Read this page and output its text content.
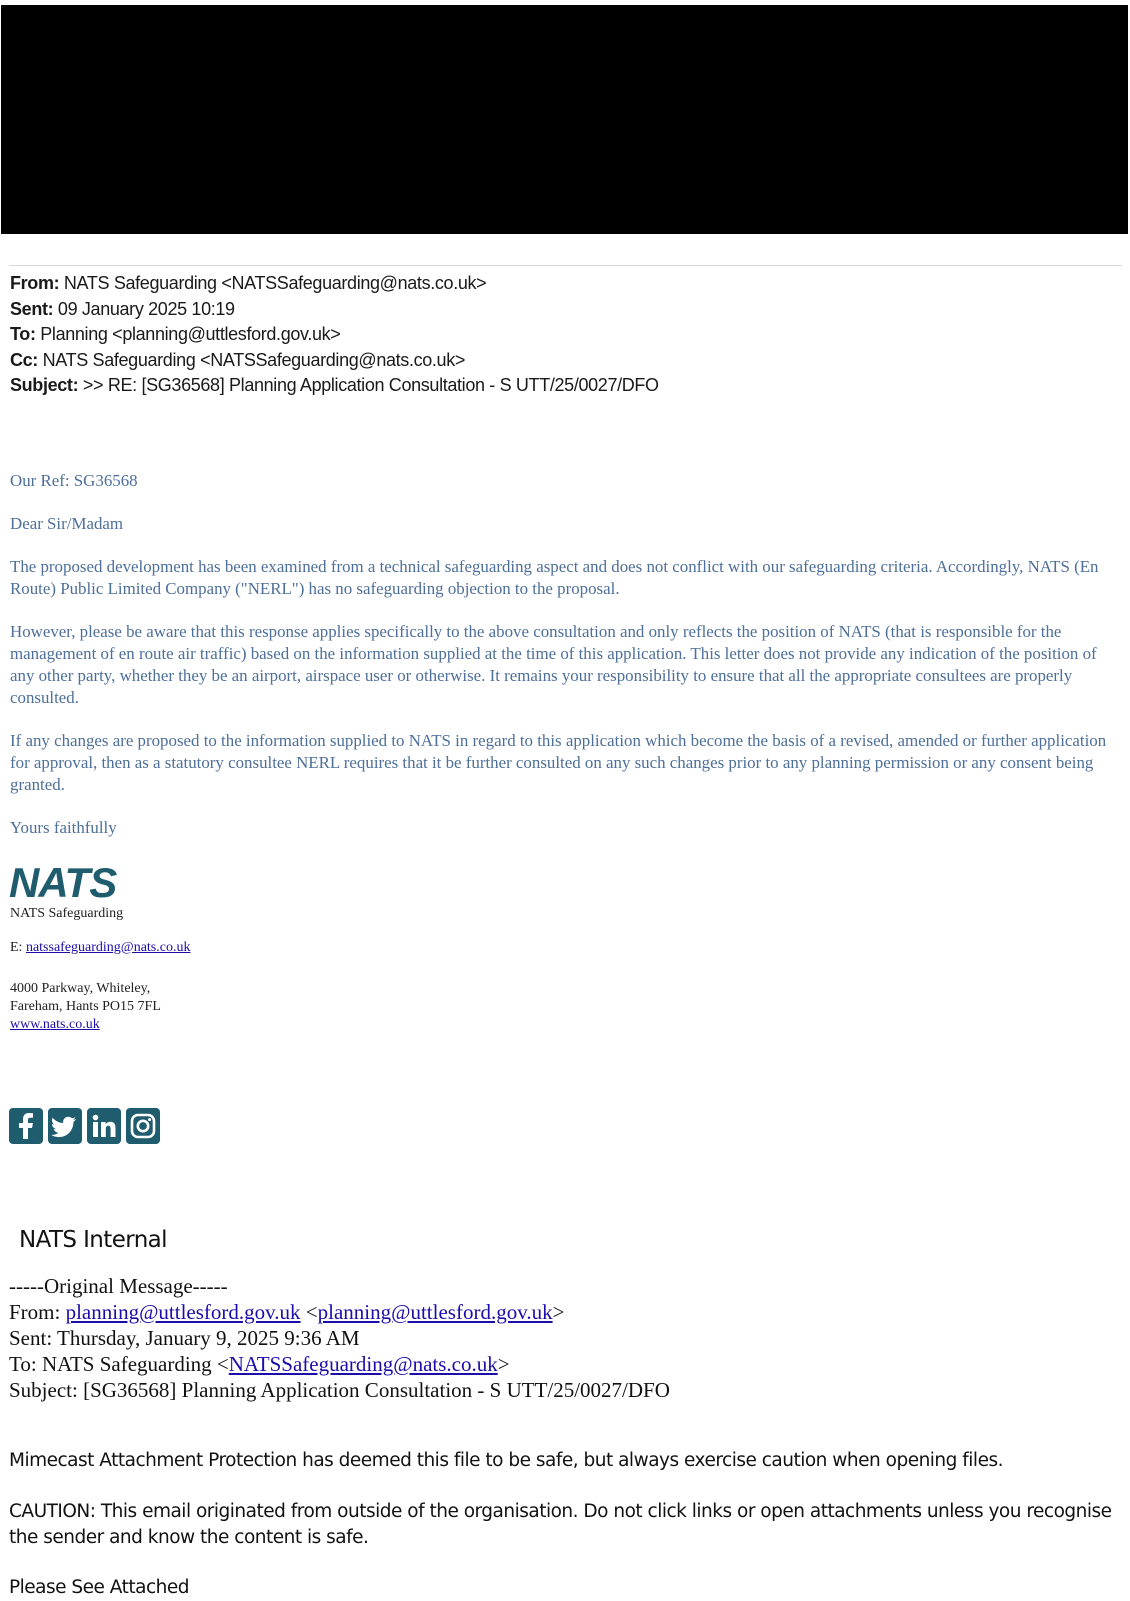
From: NATS Safeguarding <NATSSafeguarding@nats.co.uk>
Sent: 09 January 2025 10:19
To: Planning <planning@uttlesford.gov.uk>
Cc: NATS Safeguarding <NATSSafeguarding@nats.co.uk>
Subject: >> RE: [SG36568] Planning Application Consultation - S UTT/25/0027/DFO

Our Ref: SG36568

Dear Sir/Madam

The proposed development has been examined from a technical safeguarding aspect and does not conflict with our safeguarding criteria. Accordingly, NATS (En Route) Public Limited Company ("NERL") has no safeguarding objection to the proposal.

However, please be aware that this response applies specifically to the above consultation and only reflects the position of NATS (that is responsible for the management of en route air traffic) based on the information supplied at the time of this application. This letter does not provide any indication of the position of any other party, whether they be an airport, airspace user or otherwise. It remains your responsibility to ensure that all the appropriate consultees are properly consulted.

If any changes are proposed to the information supplied to NATS in regard to this application which become the basis of a revised, amended or further application for approval, then as a statutory consultee NERL requires that it be further consulted on any such changes prior to any planning permission or any consent being granted.

Yours faithfully

NATS
NATS Safeguarding
E: natssafeguarding@nats.co.uk
4000 Parkway, Whiteley,
Fareham, Hants PO15 7FL
www.nats.co.uk
NATS Internal
-----Original Message-----
From: planning@uttlesford.gov.uk <planning@uttlesford.gov.uk>
Sent: Thursday, January 9, 2025 9:36 AM
To: NATS Safeguarding <NATSSafeguarding@nats.co.uk>
Subject: [SG36568] Planning Application Consultation - S UTT/25/0027/DFO
Mimecast Attachment Protection has deemed this file to be safe, but always exercise caution when opening files.
CAUTION: This email originated from outside of the organisation. Do not click links or open attachments unless you recognise the sender and know the content is safe.
Please See Attached
